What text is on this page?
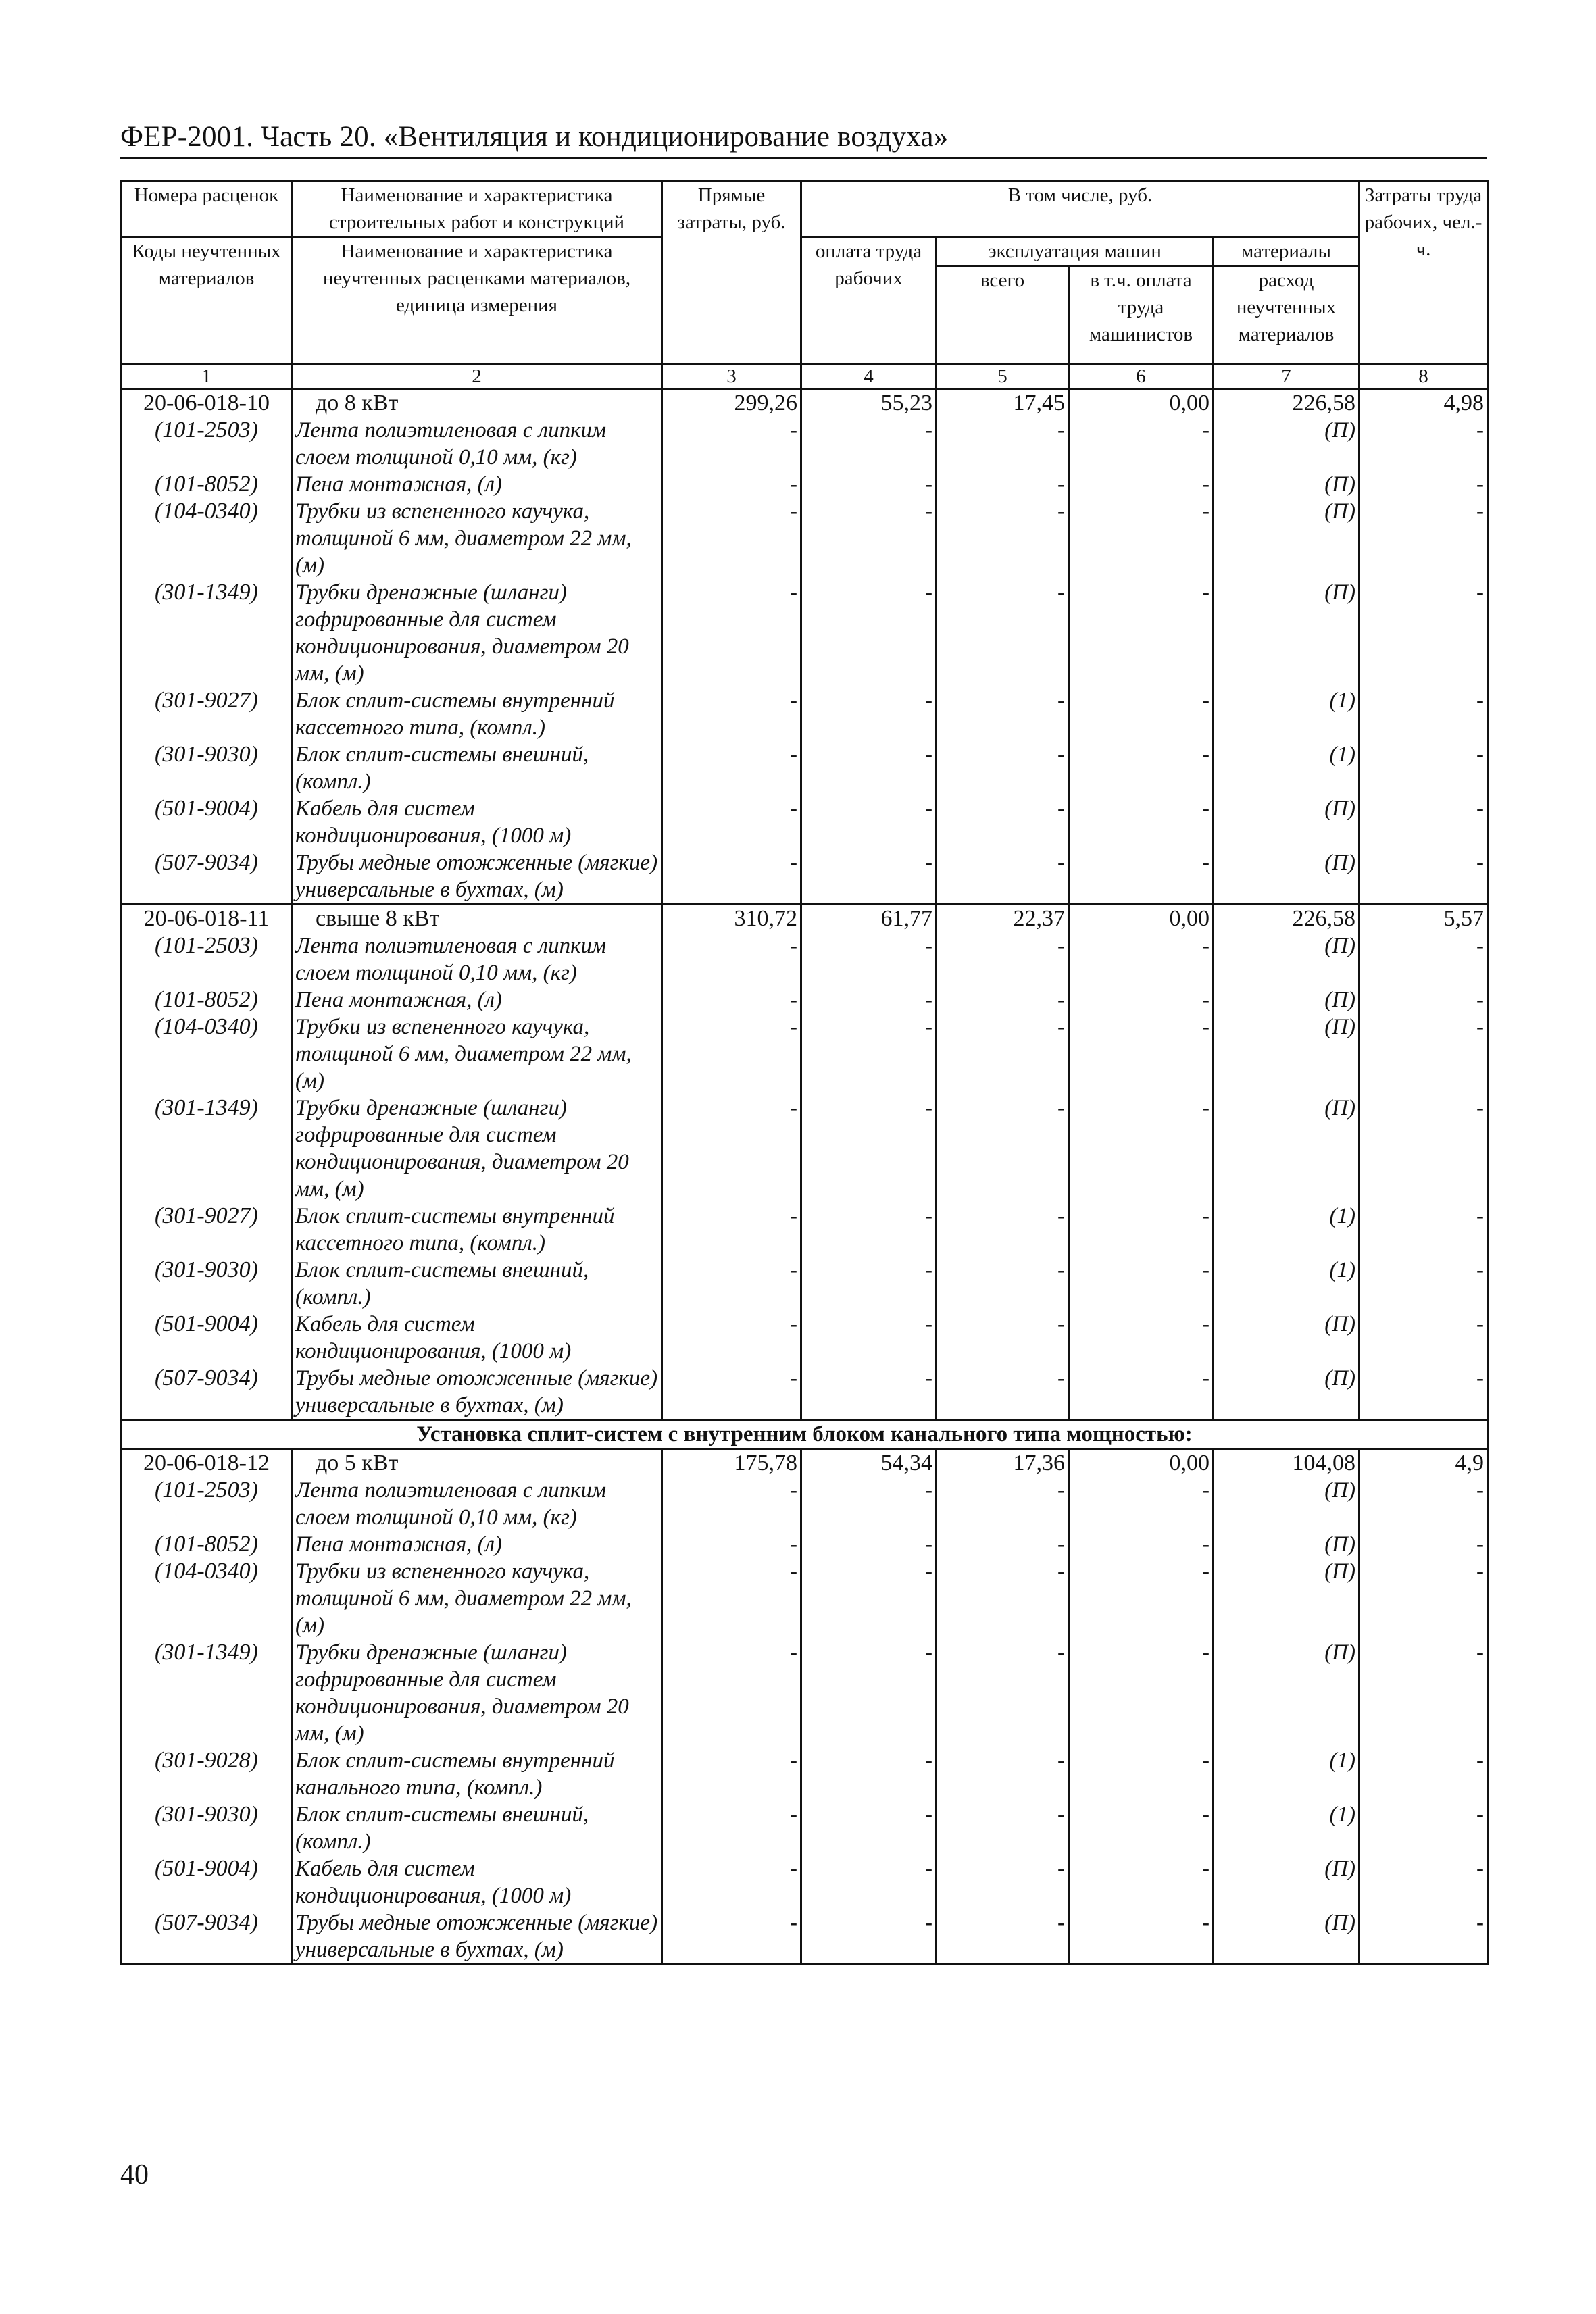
ФЕР-2001. Часть 20. «Вентиляция и кондиционирование воздуха»
Номера расценок	Наименование и характеристика строительных работ и конструкций	Прямые затраты, руб.	В том числе, руб.				Затраты труда рабочих, чел.-ч.
Коды неучтенных материалов	Наименование и характеристика неучтенных расценками материалов, единица измерения		оплата труда рабочих	эксплуатация машин		материалы	
				всего	в т.ч. оплата труда машинистов	расход неучтенных материалов	
1	2	3	4	5	6	7	8
20-06-018-10	до 8 кВт	299,26	55,23	17,45	0,00	226,58	4,98
(101-2503)	Лента полиэтиленовая с липким слоем толщиной 0,10 мм, (кг)	-	-	-	-	(П)	-
(101-8052)	Пена монтажная, (л)	-	-	-	-	(П)	-
(104-0340)	Трубки из вспененного каучука, толщиной 6 мм, диаметром 22 мм, (м)	-	-	-	-	(П)	-
(301-1349)	Трубки дренажные (шланги) гофрированные для систем кондиционирования, диаметром 20 мм, (м)	-	-	-	-	(П)	-
(301-9027)	Блок сплит-системы внутренний кассетного типа, (компл.)	-	-	-	-	(1)	-
(301-9030)	Блок сплит-системы внешний, (компл.)	-	-	-	-	(1)	-
(501-9004)	Кабель для систем кондиционирования, (1000 м)	-	-	-	-	(П)	-
(507-9034)	Трубы медные отожженные (мягкие) универсальные в бухтах, (м)	-	-	-	-	(П)	-
20-06-018-11	свыше 8 кВт	310,72	61,77	22,37	0,00	226,58	5,57
(101-2503)	Лента полиэтиленовая с липким слоем толщиной 0,10 мм, (кг)	-	-	-	-	(П)	-
(101-8052)	Пена монтажная, (л)	-	-	-	-	(П)	-
(104-0340)	Трубки из вспененного каучука, толщиной 6 мм, диаметром 22 мм, (м)	-	-	-	-	(П)	-
(301-1349)	Трубки дренажные (шланги) гофрированные для систем кондиционирования, диаметром 20 мм, (м)	-	-	-	-	(П)	-
(301-9027)	Блок сплит-системы внутренний кассетного типа, (компл.)	-	-	-	-	(1)	-
(301-9030)	Блок сплит-системы внешний, (компл.)	-	-	-	-	(1)	-
(501-9004)	Кабель для систем кондиционирования, (1000 м)	-	-	-	-	(П)	-
(507-9034)	Трубы медные отожженные (мягкие) универсальные в бухтах, (м)	-	-	-	-	(П)	-
Установка сплит-систем с внутренним блоком канального типа мощностью:							
20-06-018-12	до 5 кВт	175,78	54,34	17,36	0,00	104,08	4,9
(101-2503)	Лента полиэтиленовая с липким слоем толщиной 0,10 мм, (кг)	-	-	-	-	(П)	-
(101-8052)	Пена монтажная, (л)	-	-	-	-	(П)	-
(104-0340)	Трубки из вспененного каучука, толщиной 6 мм, диаметром 22 мм, (м)	-	-	-	-	(П)	-
(301-1349)	Трубки дренажные (шланги) гофрированные для систем кондиционирования, диаметром 20 мм, (м)	-	-	-	-	(П)	-
(301-9028)	Блок сплит-системы внутренний канального типа, (компл.)	-	-	-	-	(1)	-
(301-9030)	Блок сплит-системы внешний, (компл.)	-	-	-	-	(1)	-
(501-9004)	Кабель для систем кондиционирования, (1000 м)	-	-	-	-	(П)	-
(507-9034)	Трубы медные отожженные (мягкие) универсальные в бухтах, (м)	-	-	-	-	(П)	-
40
